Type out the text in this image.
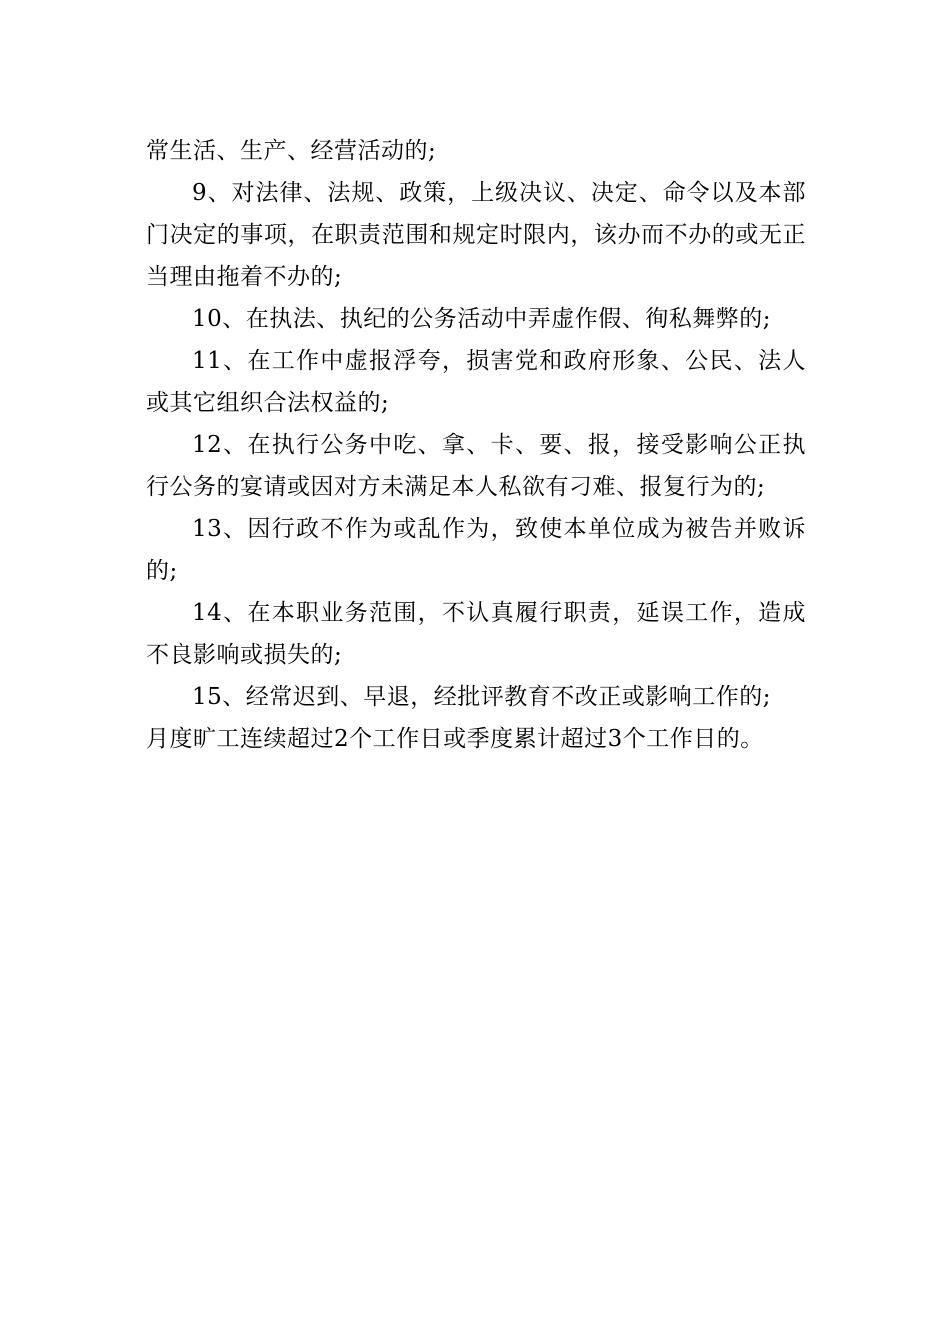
常生活、生产、经营活动的;

9、对法律、法规、政策，上级决议、决定、命令以及本部门决定的事项，在职责范围和规定时限内，该办而不办的或无正当理由拖着不办的;

10、在执法、执纪的公务活动中弄虚作假、徇私舞弊的;

11、在工作中虚报浮夸，损害党和政府形象、公民、法人或其它组织合法权益的;

12、在执行公务中吃、拿、卡、要、报，接受影响公正执行公务的宴请或因对方未满足本人私欲有刁难、报复行为的;

13、因行政不作为或乱作为，致使本单位成为被告并败诉的;

14、在本职业务范围，不认真履行职责，延误工作，造成不良影响或损失的;

15、经常迟到、早退，经批评教育不改正或影响工作的;

月度旷工连续超过2个工作日或季度累计超过3个工作日的。
